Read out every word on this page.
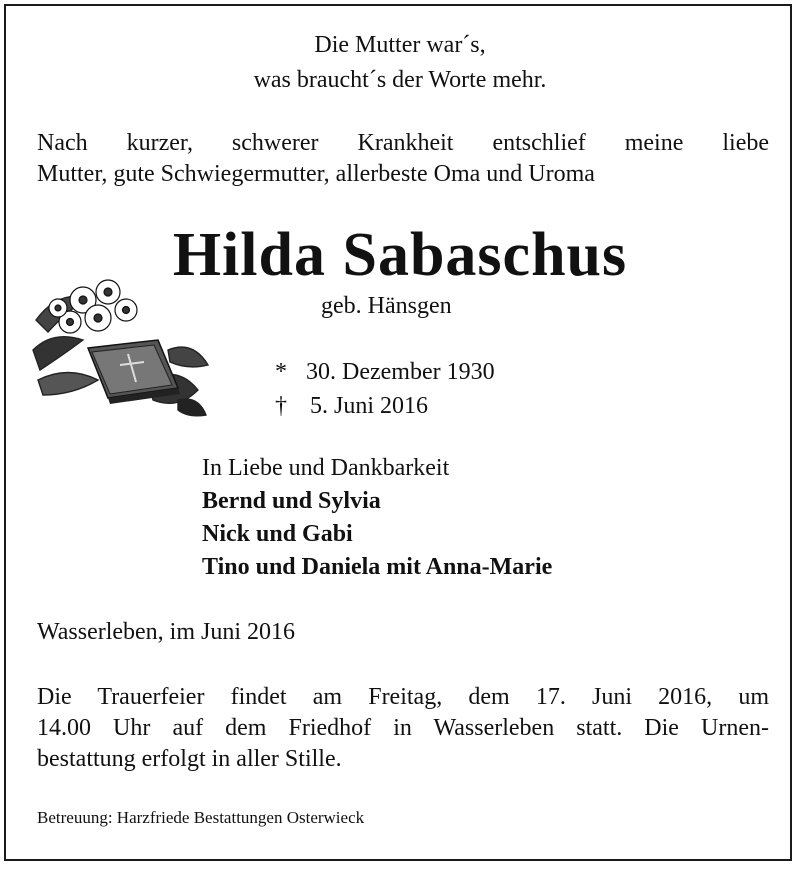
Die Mutter war´s,
was braucht´s der Worte mehr.
Nach kurzer, schwerer Krankheit entschlief meine liebe
Mutter, gute Schwiegermutter, allerbeste Oma und Uroma
Hilda Sabaschus
geb. Hänsgen
* 30. Dezember 1930
† 5. Juni 2016
In Liebe und Dankbarkeit
Bernd und Sylvia
Nick und Gabi
Tino und Daniela mit Anna-Marie
Wasserleben, im Juni 2016
Die Trauerfeier findet am Freitag, dem 17. Juni 2016, um
14.00 Uhr auf dem Friedhof in Wasserleben statt. Die Urnen-
bestattung erfolgt in aller Stille.
Betreuung: Harzfriede Bestattungen Osterwieck
